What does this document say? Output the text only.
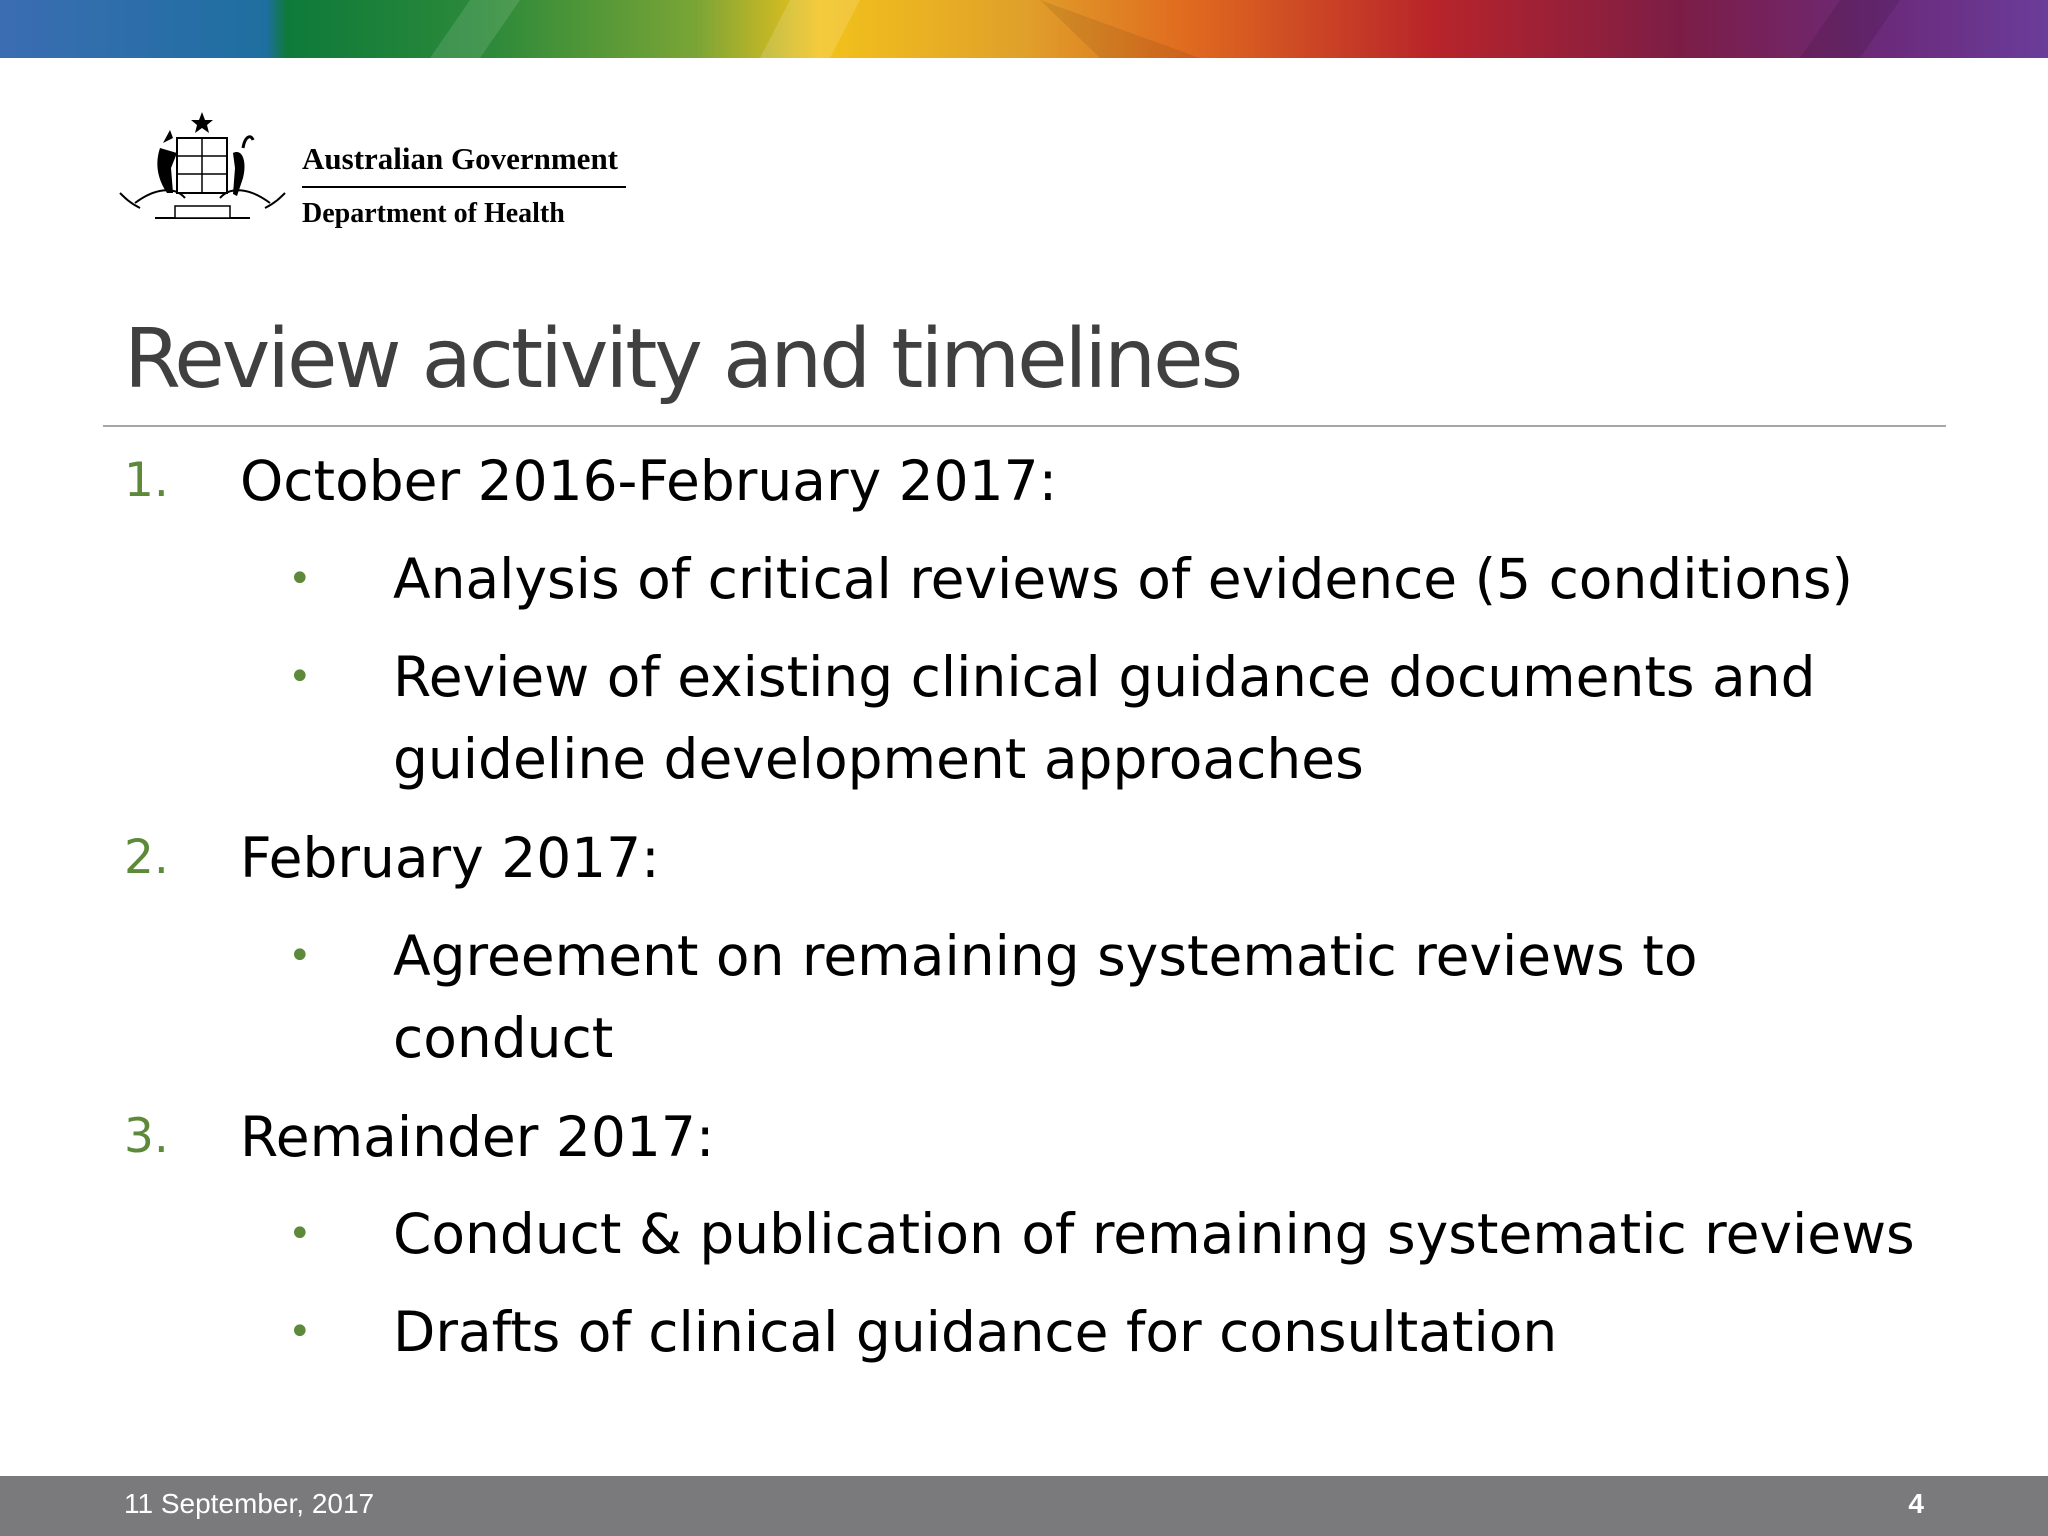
Australian Government
Department of Health
Review activity and timelines
1. October 2016-February 2017:
• Analysis of critical reviews of evidence (5 conditions)
• Review of existing clinical guidance documents and
guideline development approaches
2. February 2017:
• Agreement on remaining systematic reviews to
conduct
3. Remainder 2017:
• Conduct & publication of remaining systematic reviews
• Drafts of clinical guidance for consultation
11 September, 2017	4
